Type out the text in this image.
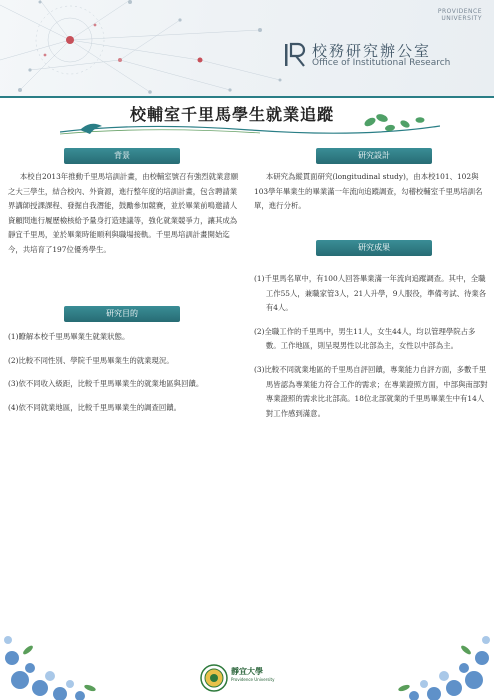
PROVIDENCE
UNIVERSITY
校務研究辦公室
Office of Institutional Research
校輔室千里馬學生就業追蹤
背景

本校自2013年推動千里馬培訓計畫，由校輔室號召有強烈就業意願之大三學生，結合校內、外資源，進行整年度的培訓計畫，包含聘請業界講師授課課程、發掘自我潛能，鼓勵參加競賽，並於畢業前鳴邀請人資顧問進行履歷檢核給予量身打造建議等，強化就業競爭力，讓其成為靜宜千里馬，並於畢業時能順利與職場接軌。千里馬培訓計畫開始迄今，共培育了197位優秀學生。

研究目的
(1)瞭解本校千里馬畢業生就業狀態。
(2)比較不同性別、學院千里馬畢業生的就業現況。
(3)依不同收入級距，比較千里馬畢業生的就業地區與回饋。
(4)依不同就業地區，比較千里馬畢業生的調查回饋。
研究設計

本研究為縱貫面研究(longitudinal study)，由本校101、102與103學年畢業生的畢業滿一年流向追蹤調查，勾稽校輔室千里馬培訓名單，進行分析。

研究成果
(1)千里馬名單中，有100人回答畢業滿一年流向追蹤調查。其中，全職工作55人，兼職家管3人，21人升學，9人服役，準備考試、待業各有4人。
(2)全職工作的千里馬中，男生11人，女生44人，均以管理學院占多數。工作地區，則呈現男性以北部為主，女性以中部為主。
(3)比較不同就業地區的千里馬自評回饋，專業能力自評方面，多數千里馬皆認為專業能力符合工作的需求；在專業證照方面，中部與南部對專業證照的需求比北部高。18位北部就業的千里馬畢業生中有14人對工作感到滿意。
靜宜大學
Providence University
